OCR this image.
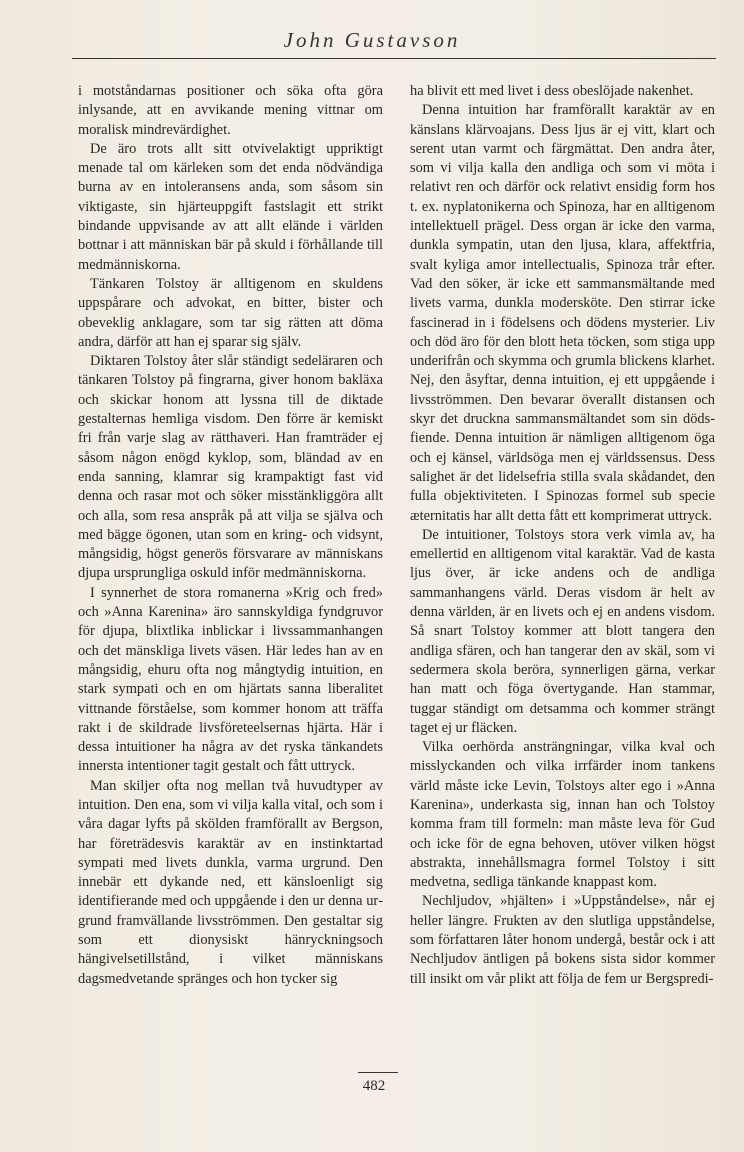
John Gustavson

i motståndarnas positioner och söka ofta göra inlysande, att en avvikande mening vittnar om moralisk mindrevärdighet.

De äro trots allt sitt otvivelaktigt uppriktigt menade tal om kärleken som det enda nödvändiga burna av en intoleransens anda, som såsom sin viktigaste, sin hjärteuppgift fastslagit ett strikt bindande uppvisande av att allt elände i världen bottnar i att människan bär på skuld i förhållande till medmänniskorna.

Tänkaren Tolstoy är alltigenom en skuldens uppspårare och advokat, en bitter, bister och obeveklig anklagare, som tar sig rätten att döma andra, därför att han ej sparar sig själv.

Diktaren Tolstoy åter slår ständigt sedeläraren och tänkaren Tolstoy på fingrarna, giver honom bakläxa och skickar honom att lyssna till de diktade gestalternas hemliga visdom. Den förre är kemiskt fri från varje slag av rätthaveri. Han framträder ej såsom någon enögd kyklop, som, bländad av en enda sanning, klamrar sig krampaktigt fast vid denna och rasar mot och söker misstänkliggöra allt och alla, som resa anspråk på att vilja se själva och med bägge ögonen, utan som en kring- och vidsynt, mångsidig, högst generös försvarare av människans djupa ursprungliga oskuld inför medmänniskorna.

I synnerhet de stora romanerna »Krig och fred» och »Anna Karenina» äro sannskyldiga fyndgruvor för djupa, blixtlika inblickar i livssammanhangen och det mänskliga livets väsen. Här ledes han av en mångsidig, ehuru ofta nog mångtydig intuition, en stark sympati och en om hjärtats sanna liberalitet vittnande förståelse, som kommer honom att träffa rakt i de skildrade livsföreteelsernas hjärta. Här i dessa intuitioner ha några av det ryska tänkandets innersta intentioner tagit gestalt och fått uttryck.

Man skiljer ofta nog mellan två huvudtyper av intuition. Den ena, som vi vilja kalla vital, och som i våra dagar lyfts på skölden framförallt av Bergson, har företrädesvis karaktär av en instinktartad sympati med livets dunkla, varma urgrund. Den innebär ett dykande ned, ett känsloenligt sig identifierande med och uppgående i den ur denna urgrund framvällande livsströmmen. Den gestaltar sig som ett dionysiskt hänryckningsoch hängivelsetillstånd, i vilket människans dagsmedvetande spränges och hon tycker sig

ha blivit ett med livet i dess obeslöjade nakenhet.

Denna intuition har framförallt karaktär av en känslans klärvoajans. Dess ljus är ej vitt, klart och serent utan varmt och färgmättat. Den andra åter, som vi vilja kalla den andliga och som vi möta i relativt ren och därför ock relativt ensidig form hos t. ex. nyplatonikerna och Spinoza, har en alltigenom intellektuell prägel. Dess organ är icke den varma, dunkla sympatin, utan den ljusa, klara, affektfria, svalt kyliga amor intellectualis, Spinoza trår efter. Vad den söker, är icke ett sammansmältande med livets varma, dunkla modersköte. Den stirrar icke fascinerad in i födelsens och dödens mysterier. Liv och död äro för den blott heta töcken, som stiga upp underifrån och skymma och grumla blickens klarhet. Nej, den åsyftar, denna intuition, ej ett uppgående i livsströmmen. Den bevarar överallt distansen och skyr det druckna sammansmältandet som sin dödsfiende. Denna intuition är nämligen alltigenom öga och ej känsel, världsöga men ej världssensus. Dess salighet är det lidelsefria stilla svala skådandet, den fulla objektiviteten. I Spinozas formel sub specie æternitatis har allt detta fått ett komprimerat uttryck.

De intuitioner, Tolstoys stora verk vimla av, ha emellertid en alltigenom vital karaktär. Vad de kasta ljus över, är icke andens och de andliga sammanhangens värld. Deras visdom är helt av denna världen, är en livets och ej en andens visdom. Så snart Tolstoy kommer att blott tangera den andliga sfären, och han tangerar den av skäl, som vi sedermera skola beröra, synnerligen gärna, verkar han matt och föga övertygande. Han stammar, tuggar ständigt om detsamma och kommer strängt taget ej ur fläcken.

Vilka oerhörda ansträngningar, vilka kval och misslyckanden och vilka irrfärder inom tankens värld måste icke Levin, Tolstoys alter ego i »Anna Karenina», underkasta sig, innan han och Tolstoy komma fram till formeln: man måste leva för Gud och icke för de egna behoven, utöver vilken högst abstrakta, innehållsmagra formel Tolstoy i sitt medvetna, sedliga tänkande knappast kom.

Nechljudov, »hjälten» i »Uppståndelse», når ej heller längre. Frukten av den slutliga uppståndelse, som författaren låter honom undergå, består ock i att Nechljudov äntligen på bokens sista sidor kommer till insikt om vår plikt att följa de fem ur Bergspredi-

482
